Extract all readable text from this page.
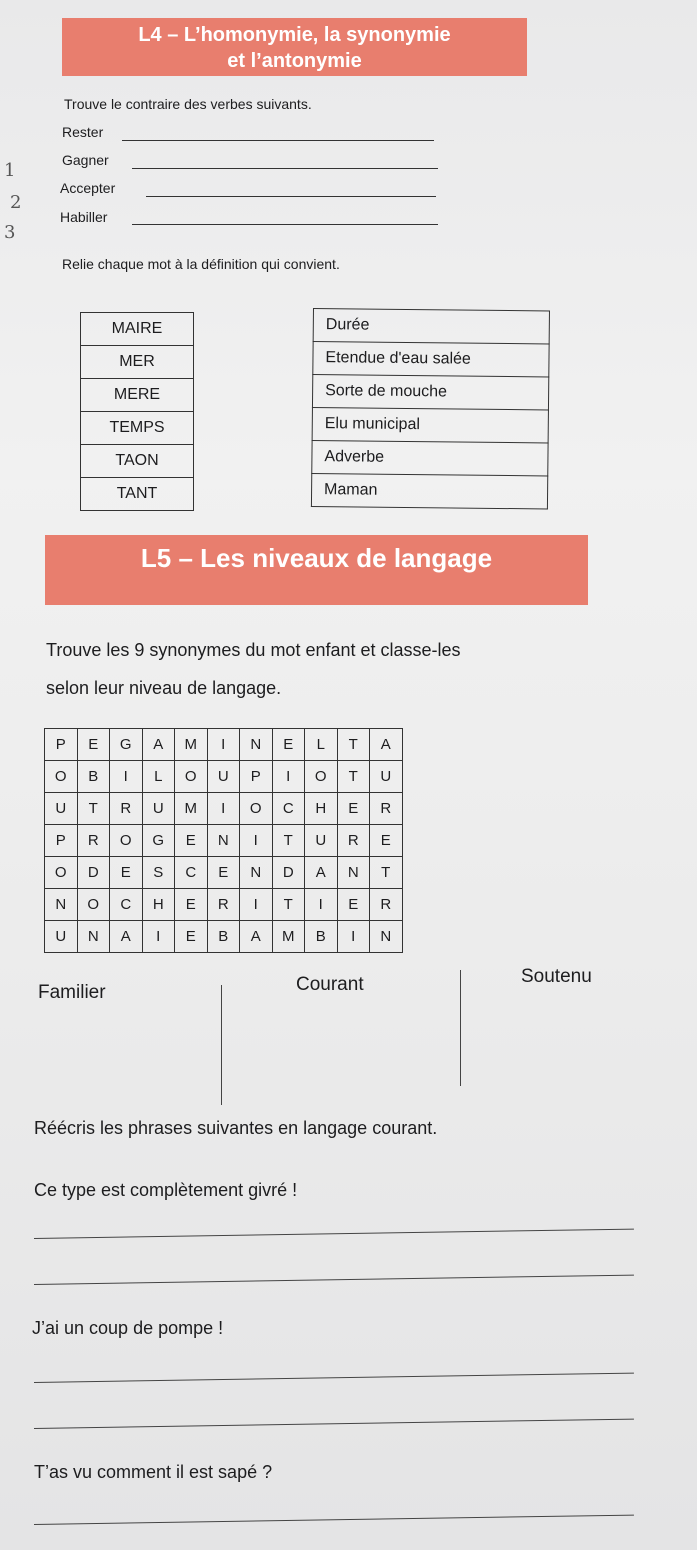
L4 – L’homonymie, la synonymie
et l’antonymie
Trouve le contraire des verbes suivants.
Rester
Gagner
Accepter
Habiller
1
2
3
Relie chaque mot à la définition qui convient.
MAIRE
MER
MERE
TEMPS
TAON
TANT
Durée
Etendue d'eau salée
Sorte de mouche
Elu municipal
Adverbe
Maman
L5 – Les niveaux de langage
Trouve les 9 synonymes du mot enfant et classe-les
selon leur niveau de langage.
P	E	G	A	M	I	N	E	L	T	A
O	B	I	L	O	U	P	I	O	T	U
U	T	R	U	M	I	O	C	H	E	R
P	R	O	G	E	N	I	T	U	R	E
O	D	E	S	C	E	N	D	A	N	T
N	O	C	H	E	R	I	T	I	E	R
U	N	A	I	E	B	A	M	B	I	N
Familier	Courant	Soutenu
Réécris les phrases suivantes en langage courant.
Ce type est complètement givré !
J’ai un coup de pompe !
T’as vu comment il est sapé ?
